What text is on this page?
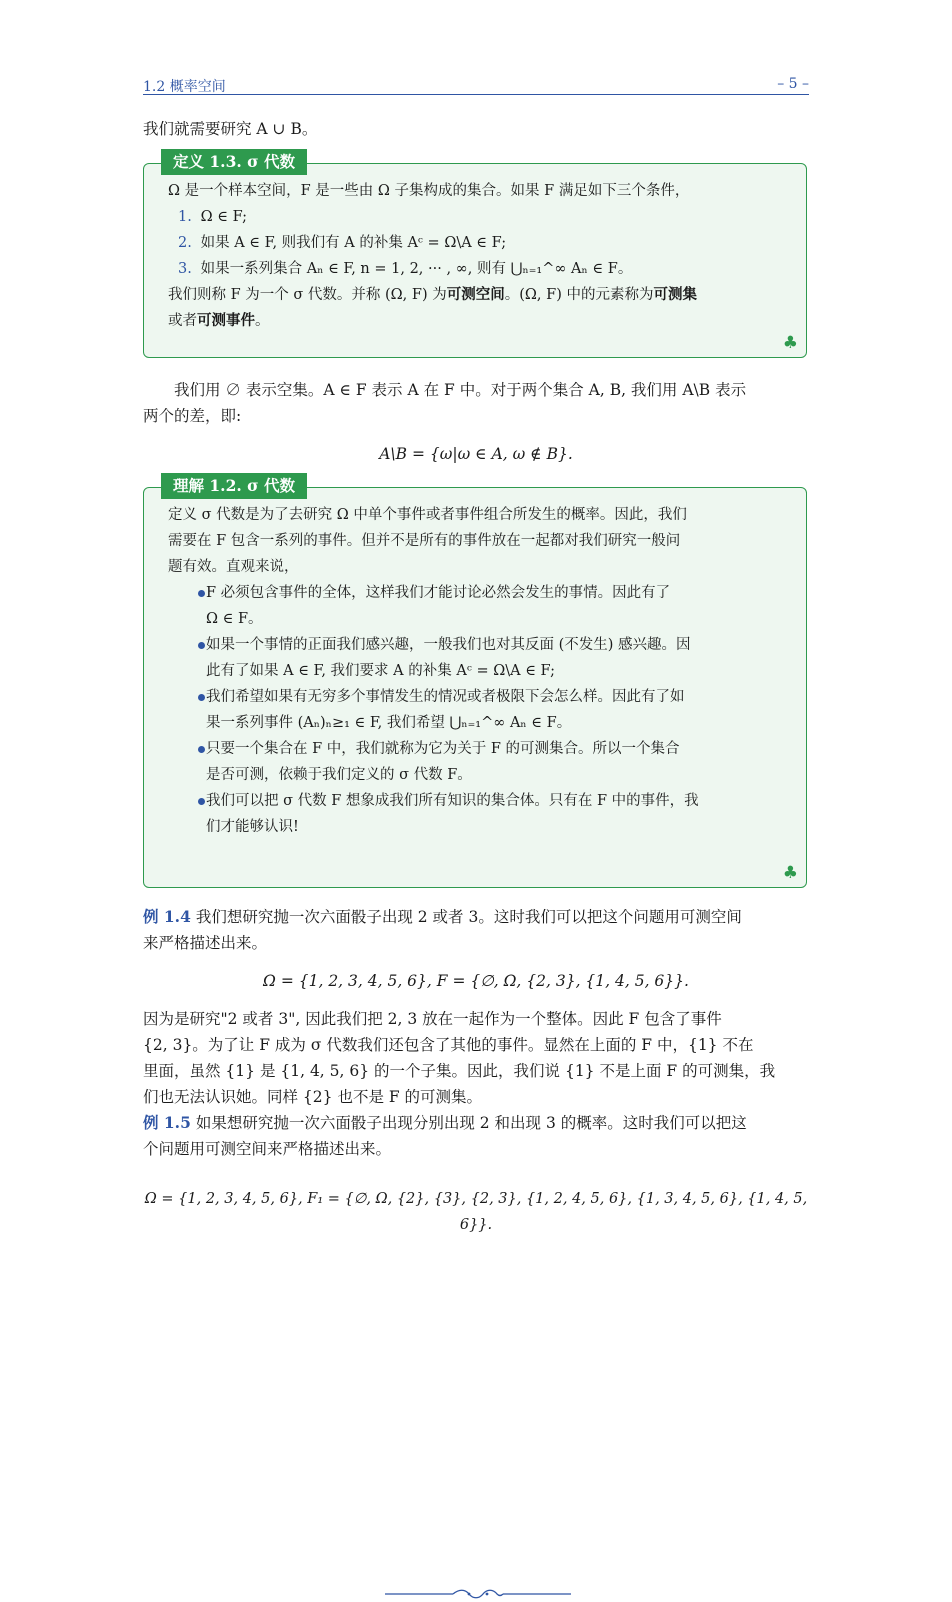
1.2 概率空间	– 5 –
我们就需要研究 A ∪ B。
定义 1.3. σ 代数
Ω 是一个样本空间，F 是一些由 Ω 子集构成的集合。如果 F 满足如下三个条件，
1. Ω ∈ F;
2. 如果 A ∈ F, 则我们有 A 的补集 Aᶜ = Ω\A ∈ F;
3. 如果一系列集合 Aₙ ∈ F, n = 1, 2, ··· , ∞, 则有 ⋃ₙ₌₁^∞ Aₙ ∈ F。
我们则称 F 为一个 σ 代数。并称 (Ω, F) 为可测空间。(Ω, F) 中的元素称为可测集
或者可测事件。
♣
我们用 ∅ 表示空集。A ∈ F 表示 A 在 F 中。对于两个集合 A, B, 我们用 A\B 表示
两个的差，即:
A\B = {ω|ω ∈ A, ω ∉ B}.
理解 1.2. σ 代数
定义 σ 代数是为了去研究 Ω 中单个事件或者事件组合所发生的概率。因此，我们
需要在 F 包含一系列的事件。但并不是所有的事件放在一起都对我们研究一般问
题有效。直观来说，
F 必须包含事件的全体，这样我们才能讨论必然会发生的事情。因此有了
Ω ∈ F。
如果一个事情的正面我们感兴趣，一般我们也对其反面 (不发生) 感兴趣。因
此有了如果 A ∈ F, 我们要求 A 的补集 Aᶜ = Ω\A ∈ F;
我们希望如果有无穷多个事情发生的情况或者极限下会怎么样。因此有了如
果一系列事件 (Aₙ)ₙ≥₁ ∈ F, 我们希望 ⋃ₙ₌₁^∞ Aₙ ∈ F。
只要一个集合在 F 中，我们就称为它为关于 F 的可测集合。所以一个集合
是否可测，依赖于我们定义的 σ 代数 F。
我们可以把 σ 代数 F 想象成我们所有知识的集合体。只有在 F 中的事件，我
们才能够认识!
♣
例 1.4 我们想研究抛一次六面骰子出现 2 或者 3。这时我们可以把这个问题用可测空间
来严格描述出来。
Ω = {1, 2, 3, 4, 5, 6}, F = {∅, Ω, {2, 3}, {1, 4, 5, 6}}.
因为是研究"2 或者 3", 因此我们把 2, 3 放在一起作为一个整体。因此 F 包含了事件
{2, 3}。为了让 F 成为 σ 代数我们还包含了其他的事件。显然在上面的 F 中，{1} 不在
里面，虽然 {1} 是 {1, 4, 5, 6} 的一个子集。因此，我们说 {1} 不是上面 F 的可测集，我
们也无法认识她。同样 {2} 也不是 F 的可测集。
例 1.5 如果想研究抛一次六面骰子出现分别出现 2 和出现 3 的概率。这时我们可以把这
个问题用可测空间来严格描述出来。
Ω = {1, 2, 3, 4, 5, 6}, F₁ = {∅, Ω, {2}, {3}, {2, 3}, {1, 2, 4, 5, 6}, {1, 3, 4, 5, 6}, {1, 4, 5, 6}}.
